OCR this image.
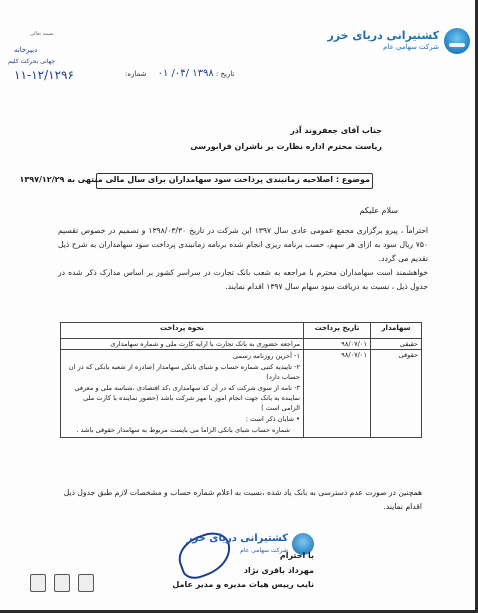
کشتیرانی دریای خزر
شرکت سهامی عام
بسمه تعالی
دبیرخانه
چهانی بحرکت کلیم
۱۱-۱۲/۱۲۹۶	تاریخ : ۱۳۹۸ /۰۴/ ۰۱     شماره:
جناب آقای جعفروند آذر
ریاست محترم اداره نظارت بر ناشران فرابورسی
موضوع : اصلاحیه زمانبندی پرداخت سود سهامداران برای سال مالی منتهی به ۱۳۹۷/۱۲/۲۹
سلام علیکم
احتراماً ، پیرو برگزاری مجمع عمومی عادی سال ۱۳۹۷ این شرکت در تاریخ ۱۳۹۸/۰۳/۳۰ و تصمیم در خصوص تقسیم ۷۵۰ ریال سود به ازای هر سهم، حسب برنامه ریزی انجام شده برنامه زمانبندی پرداخت سود سهامداران به شرح ذیل تقدیم می گردد.
خواهشمند است سهامداران محترم با مراجعه به شعب بانک تجارت در سراسر کشور بر اساس مدارک ذکر شده در جدول ذیل ، نسبت به دریافت سود سهام سال ۱۳۹۷ اقدام نمایند.
سهامدار	تاریخ پرداخت	نحوه پرداخت
حقیقی	۹۸/۰۷/۰۱	مراجعه حضوری به بانک تجارت با ارایه کارت ملی و شماره سهامداری
حقوقی	۹۸/۰۷/۰۱	۱- آخرین روزنامه رسمی
۲- تاییدیه کتبی شماره حساب و شبای بانکی سهامدار (صادره از شعبه بانکی که در ان حساب دارد)
۳- نامه از سوی شرکت که در آن کد سهامداری ،کد اقتصادی ،شناسه ملی و معرفی نماینده به بانک جهت انجام امور با مهر شرکت باشد (حضور نماینده با کارت ملی الزامی است )
• شایان ذکر است :
شماره حساب شبای بانکی الزاما می بایست مربوط به سهامدار حقوقی باشد .
همچنین در صورت عدم دسترسی به بانک یاد شده ،نسبت به اعلام شماره حساب و مشخصات لازم طبق جدول ذیل اقدام نمایند.
کشتیرانی دریای خزر
شرکت سهامی عام
با احترام
مهرداد باقری نژاد
نایب رییس هیات مدیره و مدیر عامل
